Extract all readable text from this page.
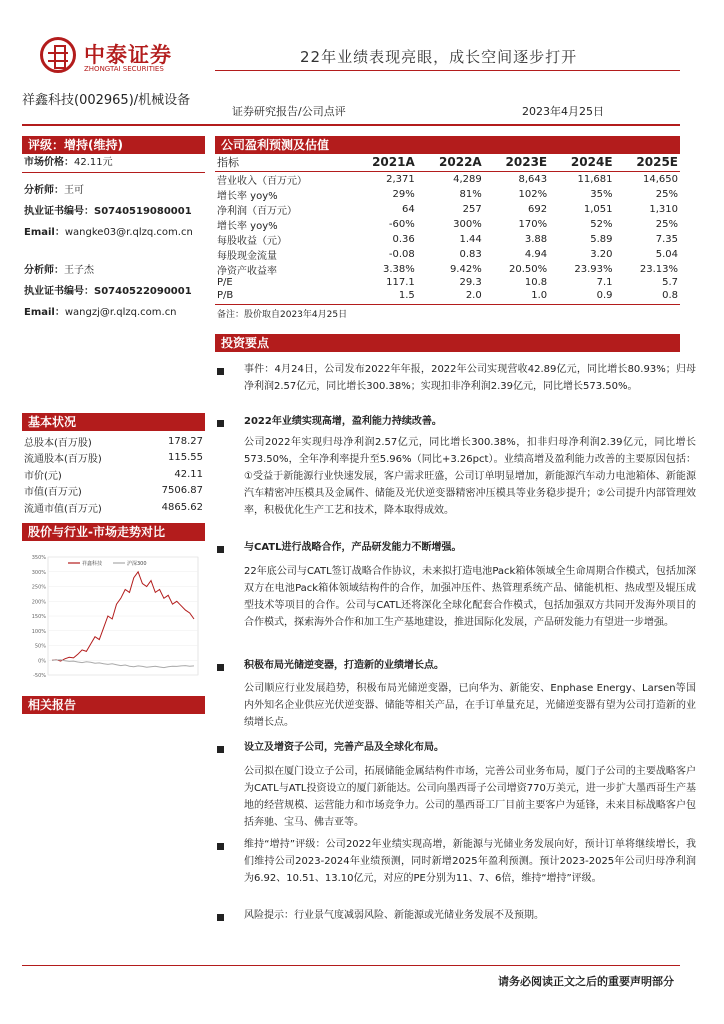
中泰证券
ZHONGTAI SECURITIES
22年业绩表现亮眼，成长空间逐步打开
祥鑫科技(002965)/机械设备
证券研究报告/公司点评	2023年4月25日
评级：增持(维持)
市场价格：42.11元
分析师：王可
执业证书编号：S0740519080001
Email：wangke03@r.qlzq.com.cn
分析师：王子杰
执业证书编号：S0740522090001
Email：wangzj@r.qlzq.com.cn
基本状况
总股本(百万股)	178.27
流通股本(百万股)	115.55
市价(元)	42.11
市值(百万元)	7506.87
流通市值(百万元)	4865.62
股价与行业-市场走势对比
350%
300%
250%
200%
150%
100%
50%
0%
-50%
祥鑫科技	沪深300
相关报告
公司盈利预测及估值
指标	2021A	2022A	2023E	2024E	2025E
营业收入（百万元）	2,371	4,289	8,643	11,681	14,650
增长率 yoy%	29%	81%	102%	35%	25%
净利润（百万元）	64	257	692	1,051	1,310
增长率 yoy%	-60%	300%	170%	52%	25%
每股收益（元）	0.36	1.44	3.88	5.89	7.35
每股现金流量	-0.08	0.83	4.94	3.20	5.04
净资产收益率	3.38%	9.42%	20.50%	23.93%	23.13%
P/E	117.1	29.3	10.8	7.1	5.7
P/B	1.5	2.0	1.0	0.9	0.8
备注：股价取自2023年4月25日
投资要点
事件：4月24日，公司发布2022年年报，2022年公司实现营收42.89亿元，同比增长80.93%；归母净利润2.57亿元，同比增长300.38%；实现扣非净利润2.39亿元，同比增长573.50%。
2022年业绩实现高增，盈利能力持续改善。
公司2022年实现归母净利润2.57亿元，同比增长300.38%，扣非归母净利润2.39亿元，同比增长573.50%，全年净利率提升至5.96%（同比+3.26pct）。业绩高增及盈利能力改善的主要原因包括：①受益于新能源行业快速发展，客户需求旺盛，公司订单明显增加，新能源汽车动力电池箱体、新能源汽车精密冲压模具及金属件、储能及光伏逆变器精密冲压模具等业务稳步提升；②公司提升内部管理效率，积极优化生产工艺和技术，降本取得成效。
与CATL进行战略合作，产品研发能力不断增强。
22年底公司与CATL签订战略合作协议，未来拟打造电池Pack箱体领域全生命周期合作模式，包括加深双方在电池Pack箱体领域结构件的合作，加强冲压件、热管理系统产品、储能机柜、热成型及辊压成型技术等项目的合作。公司与CATL还将深化全球化配套合作模式，包括加强双方共同开发海外项目的合作模式，探索海外合作和加工生产基地建设，推进国际化发展，产品研发能力有望进一步增强。
积极布局光储逆变器，打造新的业绩增长点。
公司顺应行业发展趋势，积极布局光储逆变器，已向华为、新能安、Enphase Energy、Larsen等国内外知名企业供应光伏逆变器、储能等相关产品，在手订单量充足，光储逆变器有望为公司打造新的业绩增长点。
设立及增资子公司，完善产品及全球化布局。
公司拟在厦门设立子公司，拓展储能金属结构件市场，完善公司业务布局，厦门子公司的主要战略客户为CATL与ATL投资设立的厦门新能达。公司向墨西哥子公司增资770万美元，进一步扩大墨西哥生产基地的经营规模、运营能力和市场竞争力。公司的墨西哥工厂目前主要客户为延锋，未来目标战略客户包括奔驰、宝马、佛吉亚等。
维持“增持”评级：公司2022年业绩实现高增，新能源与光储业务发展向好，预计订单将继续增长，我们维持公司2023-2024年业绩预测，同时新增2025年盈利预测。预计2023-2025年公司归母净利润为6.92、10.51、13.10亿元，对应的PE分别为11、7、6倍，维持“增持”评级。
风险提示：行业景气度减弱风险、新能源或光储业务发展不及预期。
请务必阅读正文之后的重要声明部分
